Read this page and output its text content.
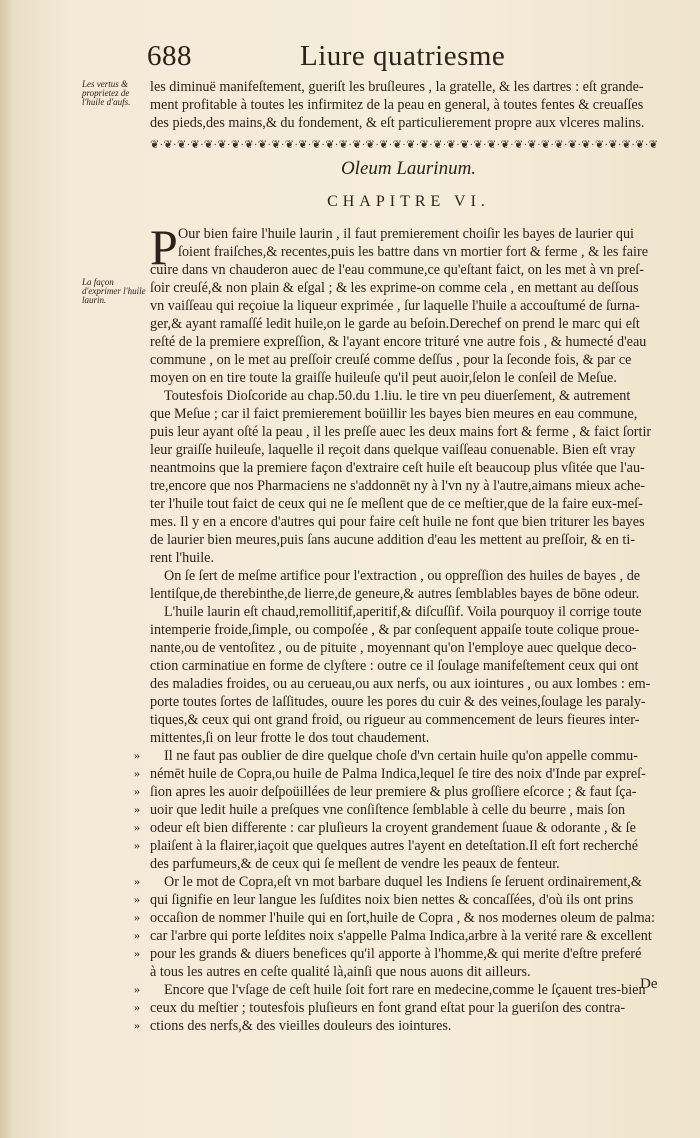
688	Liure quatriesme
Les vertus & proprietez de l'huile d'aufs.
La façon d'exprimer l'huile laurin.
les diminuë manifeſtement, gueriſt les bruſleures , la gratelle, & les dartres : eſt grande-
ment profitable à toutes les infirmitez de la peau en general, à toutes fentes & creuaſſes
des pieds,des mains,& du fondement, & eſt particulierement propre aux vlceres malins.
❦·❦·❦·❦·❦·❦·❦·❦·❦·❦·❦·❦·❦·❦·❦·❦·❦·❦·❦·❦·❦·❦·❦·❦·❦·❦·❦·❦·❦·❦·❦·❦·❦·❦·❦·❦·❦·❦
Oleum Laurinum.
CHAPITRE VI.
P Our bien faire l'huile laurin , il faut premierement choiſir les bayes de laurier qui
ſoient fraiſches,& recentes,puis les battre dans vn mortier fort & ferme , & les faire
cuire dans vn chauderon auec de l'eau commune,ce qu'eſtant faict, on les met à vn preſ-
ſoir creuſé,& non plain & eſgal ; & les exprime-on comme cela , en mettant au deſſous
vn vaiſſeau qui reçoiue la liqueur exprimée , ſur laquelle l'huile a accouſtumé de ſurna-
ger,& ayant ramaſſé ledit huile,on le garde au beſoin.Derechef on prend le marc qui eſt
reſté de la premiere expreſſion, & l'ayant encore trituré vne autre fois , & humecté d'eau
commune , on le met au preſſoir creuſé comme deſſus , pour la ſeconde fois, & par ce
moyen on en tire toute la graiſſe huileuſe qu'il peut auoir,ſelon le conſeil de Meſue.
Toutesfois Dioſcoride au chap.50.du 1.liu. le tire vn peu diuerſement, & autrement
que Meſue ; car il faict premierement boüillir les bayes bien meures en eau commune,
puis leur ayant oſté la peau , il les preſſe auec les deux mains fort & ferme , & faict ſortir
leur graiſſe huileuſe, laquelle il reçoit dans quelque vaiſſeau conuenable. Bien eſt vray
neantmoins que la premiere façon d'extraire ceſt huile eſt beaucoup plus vſitée que l'au-
tre,encore que nos Pharmaciens ne s'addonnēt ny à l'vn ny à l'autre,aimans mieux ache-
ter l'huile tout faict de ceux qui ne ſe meſlent que de ce meſtier,que de la faire eux-meſ-
mes. Il y en a encore d'autres qui pour faire ceſt huile ne font que bien triturer les bayes
de laurier bien meures,puis ſans aucune addition d'eau les mettent au preſſoir, & en ti-
rent l'huile.
On ſe ſert de meſme artifice pour l'extraction , ou oppreſſion des huiles de bayes , de
lentiſque,de therebinthe,de lierre,de geneure,& autres ſemblables bayes de bōne odeur.
L'huile laurin eſt chaud,remollitif,aperitif,& diſcuſſif. Voila pourquoy il corrige toute
intemperie froide,ſimple, ou compoſée , & par conſequent appaiſe toute colique proue-
nante,ou de ventoſitez , ou de pituite , moyennant qu'on l'employe auec quelque deco-
ction carminatiue en forme de clyſtere : outre ce il ſoulage manifeſtement ceux qui ont
des maladies froides, ou au cerueau,ou aux nerfs, ou aux iointures , ou aux lombes : em-
porte toutes ſortes de laſſitudes, ouure les pores du cuir & des veines,ſoulage les paraly-
tiques,& ceux qui ont grand froid, ou rigueur au commencement de leurs fieures inter-
mittentes,ſi on leur frotte le dos tout chaudement.
Il ne faut pas oublier de dire quelque choſe d'vn certain huile qu'on appelle commu-
némēt huile de Copra,ou huile de Palma Indica,lequel ſe tire des noix d'Inde par expreſ-
ſion apres les auoir deſpoüillées de leur premiere & plus groſſiere eſcorce ; & faut ſça-
uoir que ledit huile a preſques vne conſiſtence ſemblable à celle du beurre , mais ſon
odeur eſt bien differente : car pluſieurs la croyent grandement ſuaue & odorante , & ſe
plaiſent à la flairer,iaçoit que quelques autres l'ayent en deteſtation.Il eſt fort recherché
des parfumeurs,& de ceux qui ſe meſlent de vendre les peaux de fenteur.
Or le mot de Copra,eſt vn mot barbare duquel les Indiens ſe ſeruent ordinairement,&
qui ſignifie en leur langue les ſuſdites noix bien nettes & concaſſées, d'où ils ont prins
occaſion de nommer l'huile qui en ſort,huile de Copra , & nos modernes oleum de palma:
car l'arbre qui porte leſdites noix s'appelle Palma Indica,arbre à la verité rare & excellent
pour les grands & diuers benefices qu'il apporte à l'homme,& qui merite d'eſtre preferé
à tous les autres en ceſte qualité là,ainſi que nous auons dit ailleurs.
Encore que l'vſage de ceſt huile ſoit fort rare en medecine,comme le ſçauent tres-bien
ceux du meſtier ; toutesfois pluſieurs en font grand eſtat pour la gueriſon des contra-
ctions des nerfs,& des vieilles douleurs des iointures.
»
»
»
»
»
»
»
»
»
»
»
»
»
»
De
